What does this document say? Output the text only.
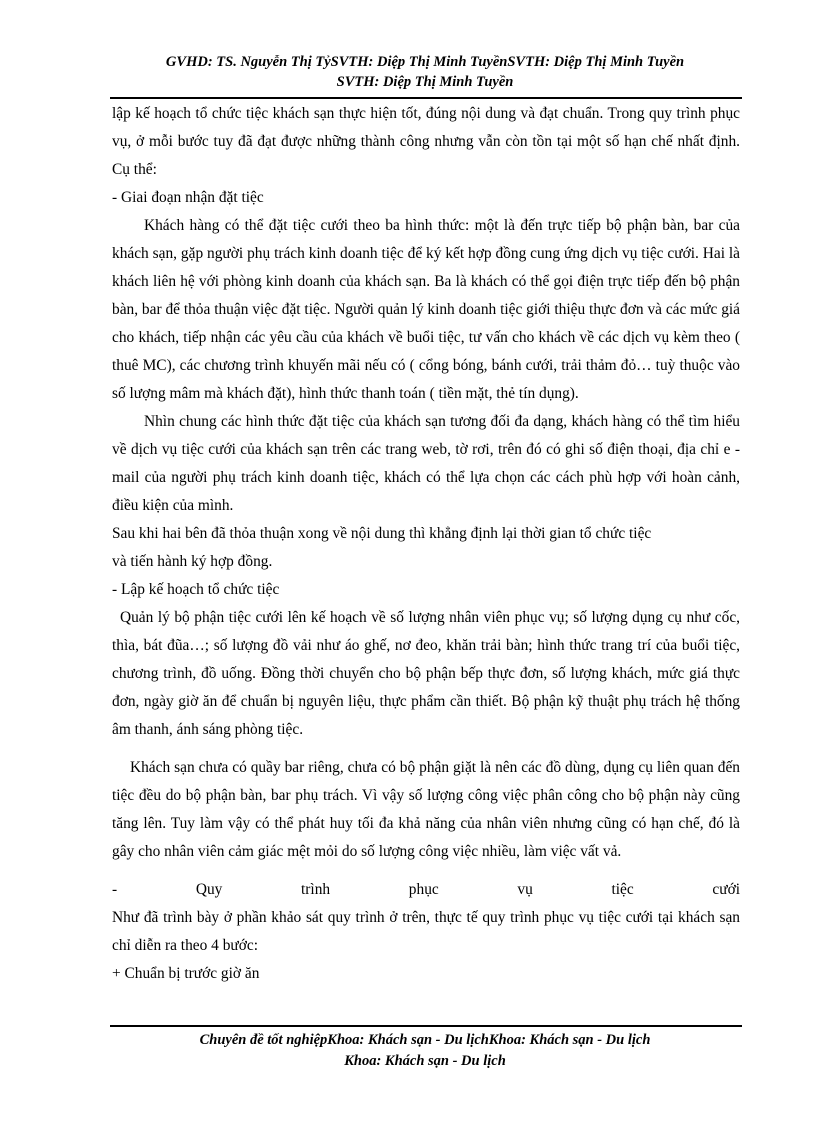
GVHD: TS. Nguyễn Thị TỷSVTH: Diệp Thị Minh TuyềnSVTH: Diệp Thị Minh Tuyền
SVTH: Diệp Thị Minh Tuyền

lập kế hoạch tổ chức tiệc khách sạn thực hiện tốt, đúng nội dung và đạt chuẩn. Trong quy trình phục vụ, ở mỗi bước tuy đã đạt được những thành công nhưng vẫn còn tồn tại một số hạn chế nhất định. Cụ thể:

- Giai đoạn nhận đặt tiệc

Khách hàng có thể đặt tiệc cưới theo ba hình thức: một là đến trực tiếp bộ phận bàn, bar của khách sạn, gặp người phụ trách kinh doanh tiệc để ký kết hợp đồng cung ứng dịch vụ tiệc cưới. Hai là khách liên hệ với phòng kinh doanh của khách sạn. Ba là khách có thể gọi điện trực tiếp đến bộ phận bàn, bar để thỏa thuận việc đặt tiệc. Người quản lý kinh doanh tiệc giới thiệu thực đơn và các mức giá cho khách, tiếp nhận các yêu cầu của khách về buổi tiệc, tư vấn cho khách về các dịch vụ kèm theo ( thuê MC), các chương trình khuyến mãi nếu có ( cổng bóng, bánh cưới, trải thảm đỏ… tuỳ thuộc vào số lượng mâm mà khách đặt), hình thức thanh toán ( tiền mặt, thẻ tín dụng).

Nhìn chung các hình thức đặt tiệc của khách sạn tương đối đa dạng, khách hàng có thể tìm hiểu về dịch vụ tiệc cưới của khách sạn trên các trang web, tờ rơi, trên đó có ghi số điện thoại, địa chỉ e - mail của người phụ trách kinh doanh tiệc, khách có thể lựa chọn các cách phù hợp với hoàn cảnh, điều kiện của mình.

Sau khi hai bên đã thỏa thuận xong về nội dung thì khẳng định lại thời gian tổ chức tiệc

và tiến hành ký hợp đồng.

- Lập kế hoạch tổ chức tiệc

Quản lý bộ phận tiệc cưới lên kế hoạch về số lượng nhân viên phục vụ; số lượng dụng cụ như cốc, thìa, bát đũa…; số lượng đồ vải như áo ghế, nơ đeo, khăn trải bàn; hình thức trang trí của buổi tiệc, chương trình, đồ uống. Đồng thời chuyển cho bộ phận bếp thực đơn, số lượng khách, mức giá thực đơn, ngày giờ ăn để chuẩn bị nguyên liệu, thực phẩm cần thiết. Bộ phận kỹ thuật phụ trách hệ thống âm thanh, ánh sáng phòng tiệc.

Khách sạn chưa có quầy bar riêng, chưa có bộ phận giặt là nên các đồ dùng, dụng cụ liên quan đến tiệc đều do bộ phận bàn, bar phụ trách. Vì vậy số lượng công việc phân công cho bộ phận này cũng tăng lên. Tuy làm vậy có thể phát huy tối đa khả năng của nhân viên nhưng cũng có hạn chế, đó là gây cho nhân viên cảm giác mệt mỏi do số lượng công việc nhiều, làm việc vất vả.

-	Quy	trình	phục	vụ	tiệc	cưới

Như đã trình bày ở phần khảo sát quy trình ở trên, thực tế quy trình phục vụ tiệc cưới tại khách sạn chỉ diễn ra theo 4 bước:

+ Chuẩn bị trước giờ ăn

Chuyên đề tốt nghiệpKhoa: Khách sạn - Du lịchKhoa: Khách sạn - Du lịch
Khoa: Khách sạn - Du lịch
